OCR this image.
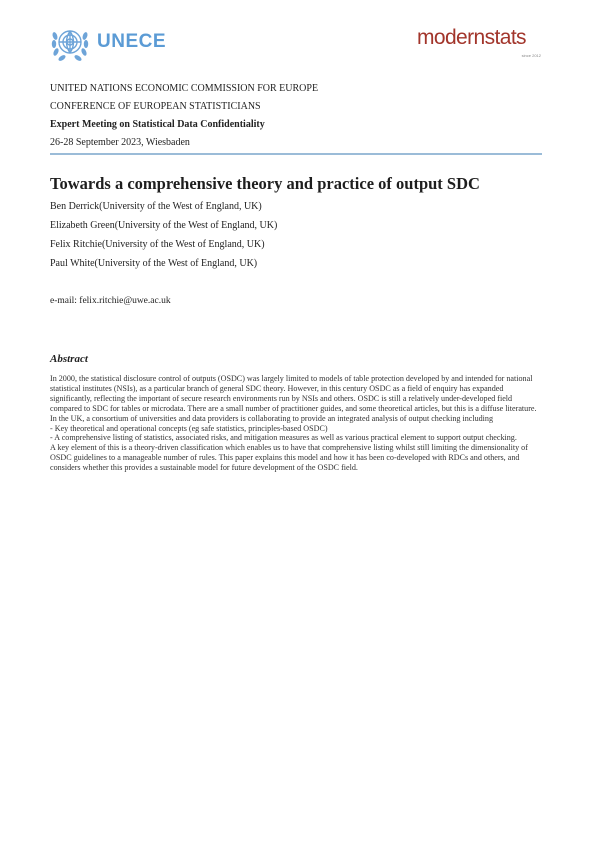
UNECE	modernstats
since 2012
UNITED NATIONS ECONOMIC COMMISSION FOR EUROPE
CONFERENCE OF EUROPEAN STATISTICIANS
Expert Meeting on Statistical Data Confidentiality
26-28 September 2023, Wiesbaden
Towards a comprehensive theory and practice of output SDC
Ben Derrick(University of the West of England, UK)
Elizabeth Green(University of the West of England, UK)
Felix Ritchie(University of the West of England, UK)
Paul White(University of the West of England, UK)
e-mail: felix.ritchie@uwe.ac.uk
Abstract

In 2000, the statistical disclosure control of outputs (OSDC) was largely limited to models of table protection developed by and intended for national statistical institutes (NSIs), as a particular branch of general SDC theory. However, in this century OSDC as a field of enquiry has expanded significantly, reflecting the important of secure research environments run by NSIs and others. OSDC is still a relatively under-developed field compared to SDC for tables or microdata. There are a small number of practitioner guides, and some theoretical articles, but this is a diffuse literature.

In the UK, a consortium of universities and data providers is collaborating to provide an integrated analysis of output checking including

- Key theoretical and operational concepts (eg safe statistics, principles-based OSDC)

- A comprehensive listing of statistics, associated risks, and mitigation measures as well as various practical element to support output checking.

A key element of this is a theory-driven classification which enables us to have that comprehensive listing whilst still limiting the dimensionality of OSDC guidelines to a manageable number of rules. This paper explains this model and how it has been co-developed with RDCs and others, and considers whether this provides a sustainable model for future development of the OSDC field.
